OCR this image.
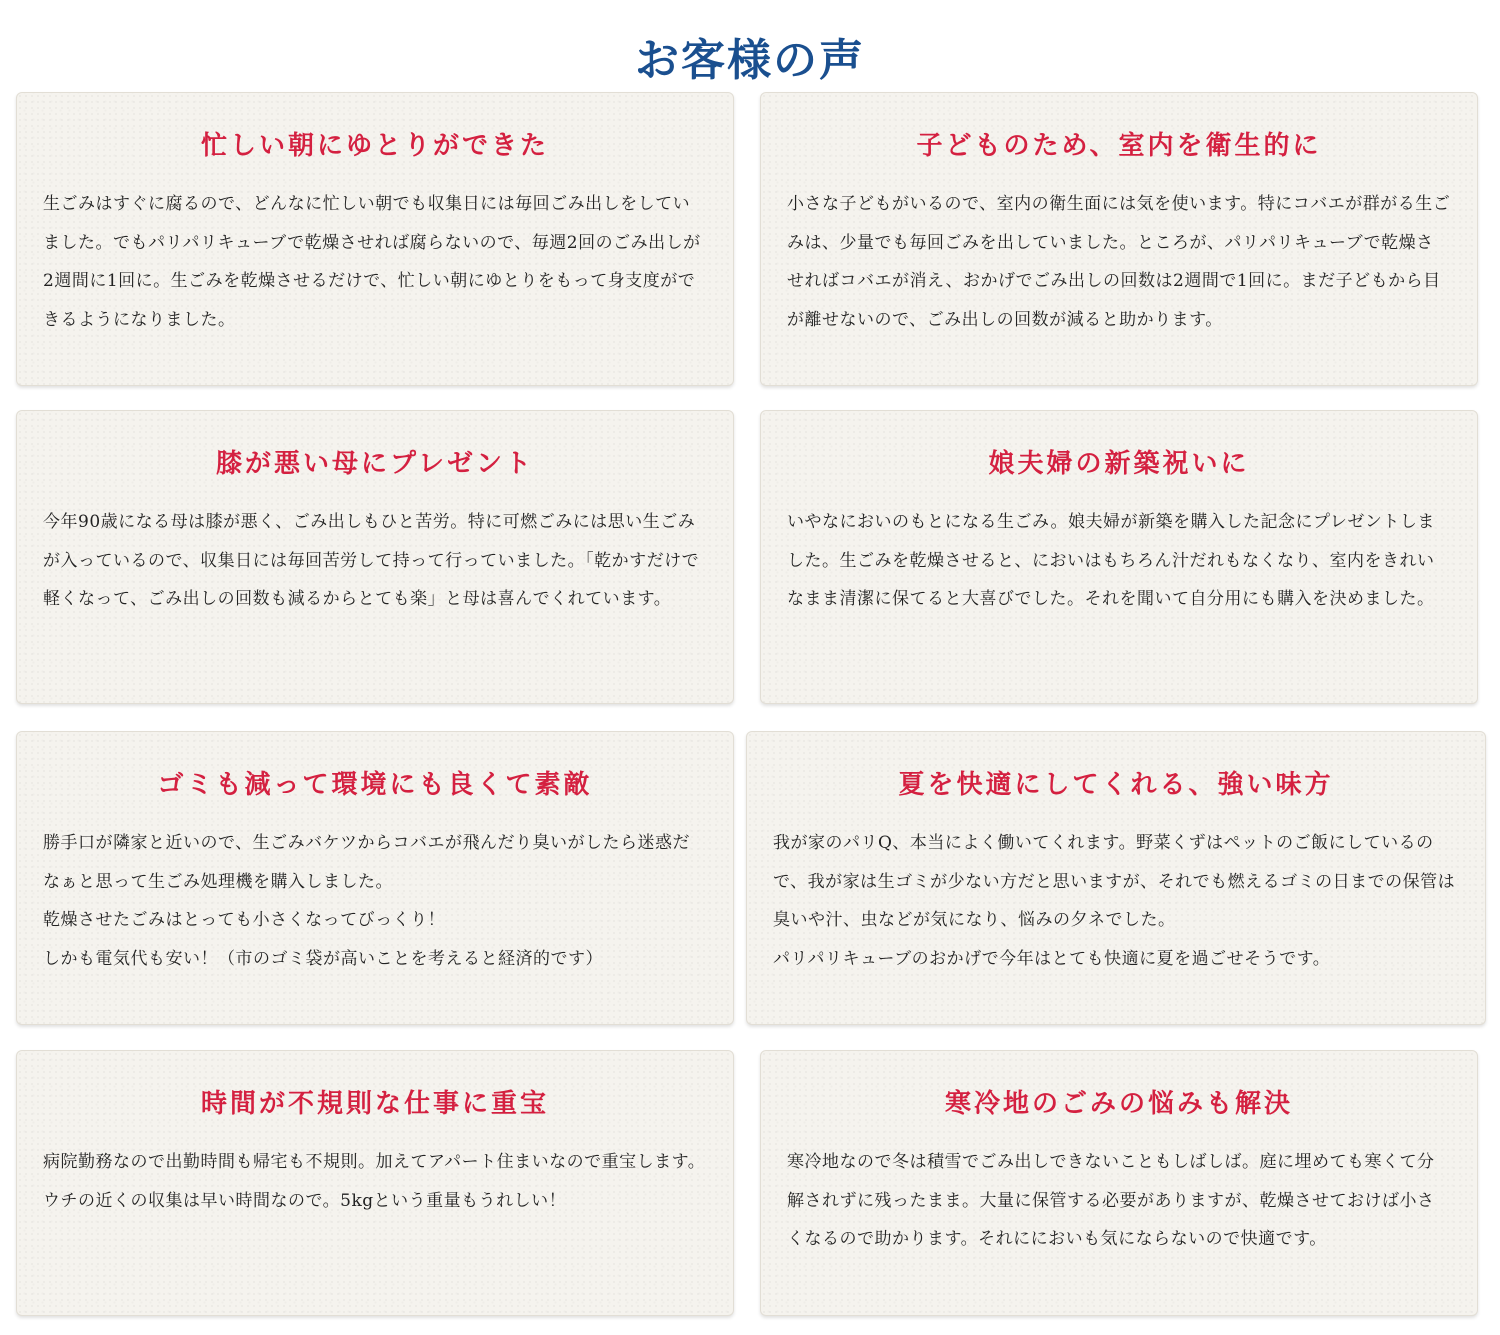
お客様の声
忙しい朝にゆとりができた

生ごみはすぐに腐るので、どんなに忙しい朝でも収集日には毎回ごみ出しをしていました。でもパリパリキューブで乾燥させれば腐らないので、毎週2回のごみ出しが2週間に1回に。生ごみを乾燥させるだけで、忙しい朝にゆとりをもって身支度ができるようになりました。

子どものため、室内を衛生的に

小さな子どもがいるので、室内の衛生面には気を使います。特にコバエが群がる生ごみは、少量でも毎回ごみを出していました。ところが、パリパリキューブで乾燥させればコバエが消え、おかげでごみ出しの回数は2週間で1回に。まだ子どもから目が離せないので、ごみ出しの回数が減ると助かります。

膝が悪い母にプレゼント

今年90歳になる母は膝が悪く、ごみ出しもひと苦労。特に可燃ごみには思い生ごみが入っているので、収集日には毎回苦労して持って行っていました。「乾かすだけで軽くなって、ごみ出しの回数も減るからとても楽」と母は喜んでくれています。

娘夫婦の新築祝いに

いやなにおいのもとになる生ごみ。娘夫婦が新築を購入した記念にプレゼントしました。生ごみを乾燥させると、においはもちろん汁だれもなくなり、室内をきれいなまま清潔に保てると大喜びでした。それを聞いて自分用にも購入を決めました。

ゴミも減って環境にも良くて素敵

勝手口が隣家と近いので、生ごみバケツからコバエが飛んだり臭いがしたら迷惑だなぁと思って生ごみ処理機を購入しました。
乾燥させたごみはとっても小さくなってびっくり！
しかも電気代も安い！（市のゴミ袋が高いことを考えると経済的です）

夏を快適にしてくれる、強い味方

我が家のパリQ、本当によく働いてくれます。野菜くずはペットのご飯にしているので、我が家は生ゴミが少ない方だと思いますが、それでも燃えるゴミの日までの保管は臭いや汁、虫などが気になり、悩みの夕ネでした。
パリパリキューブのおかげで今年はとても快適に夏を過ごせそうです。

時間が不規則な仕事に重宝

病院勤務なので出勤時間も帰宅も不規則。加えてアパート住まいなので重宝します。ウチの近くの収集は早い時間なので。5kgという重量もうれしい！

寒冷地のごみの悩みも解決

寒冷地なので冬は積雪でごみ出しできないこともしばしば。庭に埋めても寒くて分解されずに残ったまま。大量に保管する必要がありますが、乾燥させておけば小さくなるので助かります。それににおいも気にならないので快適です。
